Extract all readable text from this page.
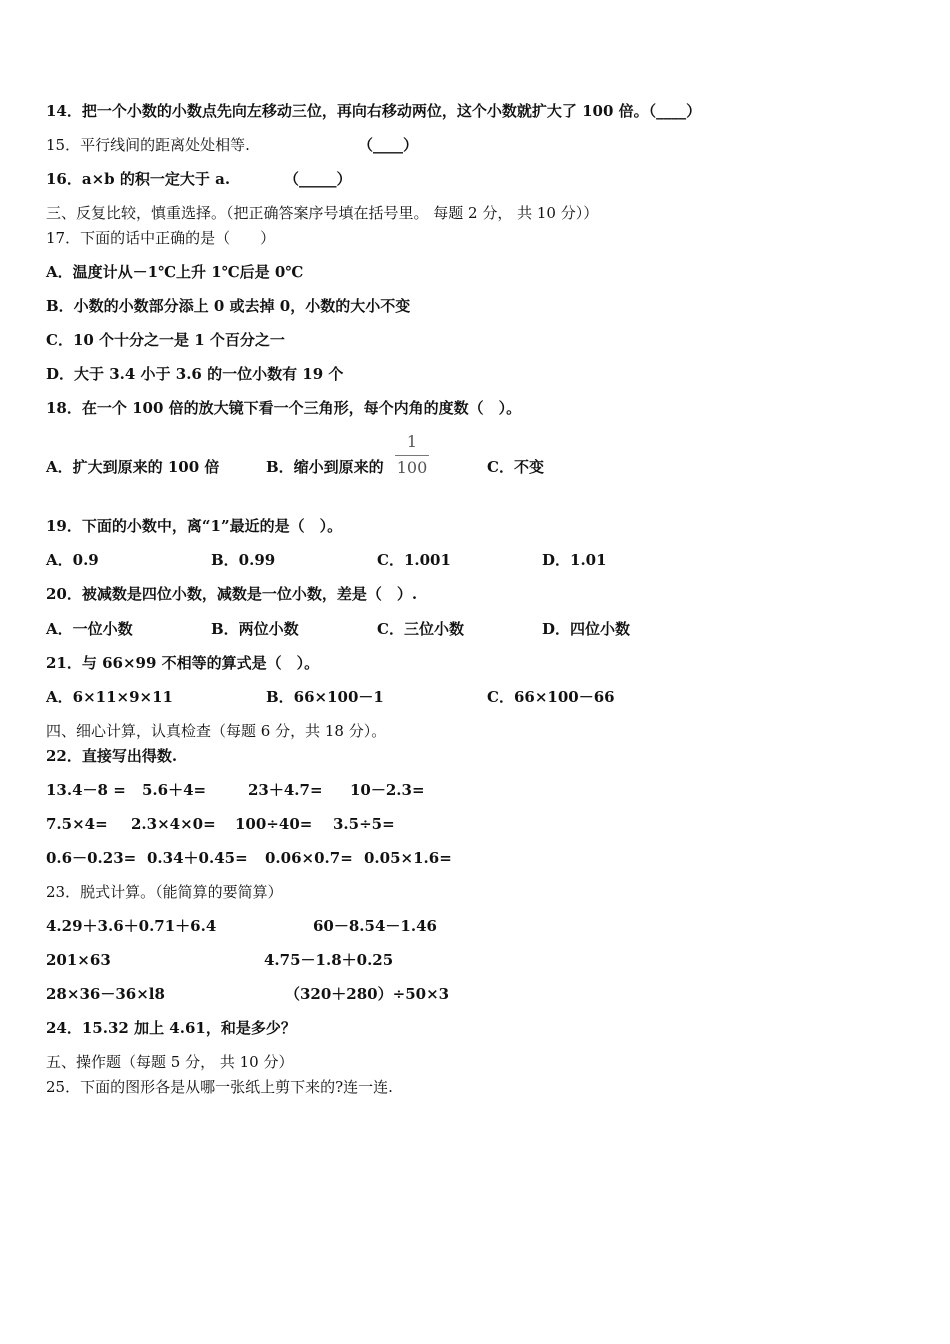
14．把一个小数的小数点先向左移动三位，再向右移动两位，这个小数就扩大了 100 倍。（____）
15．平行线间的距离处处相等.	（____）
16．a×b 的积一定大于 a.	（_____）
三、反复比较，慎重选择。（把正确答案序号填在括号里。 每题 2 分， 共 10 分））
17．下面的话中正确的是（　　）
A．温度计从－1℃上升 1℃后是 0℃
B．小数的小数部分添上 0 或去掉 0，小数的大小不变
C．10 个十分之一是 1 个百分之一
D．大于 3.4 小于 3.6 的一位小数有 19 个
18．在一个 100 倍的放大镜下看一个三角形，每个内角的度数（　）。
A．扩大到原来的 100 倍	B．缩小到原来的
1
100	C．不变
19．下面的小数中，离“1”最近的是（　）。
A．0.9	B．0.99	C．1.001	D．1.01
20．被减数是四位小数，减数是一位小数，差是（　）.
A．一位小数	B．两位小数	C．三位小数	D．四位小数
21．与 66×99 不相等的算式是（　）。
A．6×11×9×11	B．66×100－1	C．66×100－66
四、细心计算，认真检查（每题 6 分，共 18 分）。
22．直接写出得数.
13.4－8 = 5.6＋4=	23＋4.7= 10－2.3=
7.5×4= 2.3×4×0= 100÷40= 3.5÷5=
0.6－0.23= 0.34＋0.45= 0.06×0.7= 0.05×1.6=
23．脱式计算。（能简算的要简算）
4.29＋3.6＋0.71＋6.4	60－8.54－1.46
201×63	4.75－1.8＋0.25
28×36－36×l8	（320＋280）÷50×3
24．15.32 加上 4.61，和是多少？
五、操作题（每题 5 分， 共 10 分）
25．下面的图形各是从哪一张纸上剪下来的?连一连.
